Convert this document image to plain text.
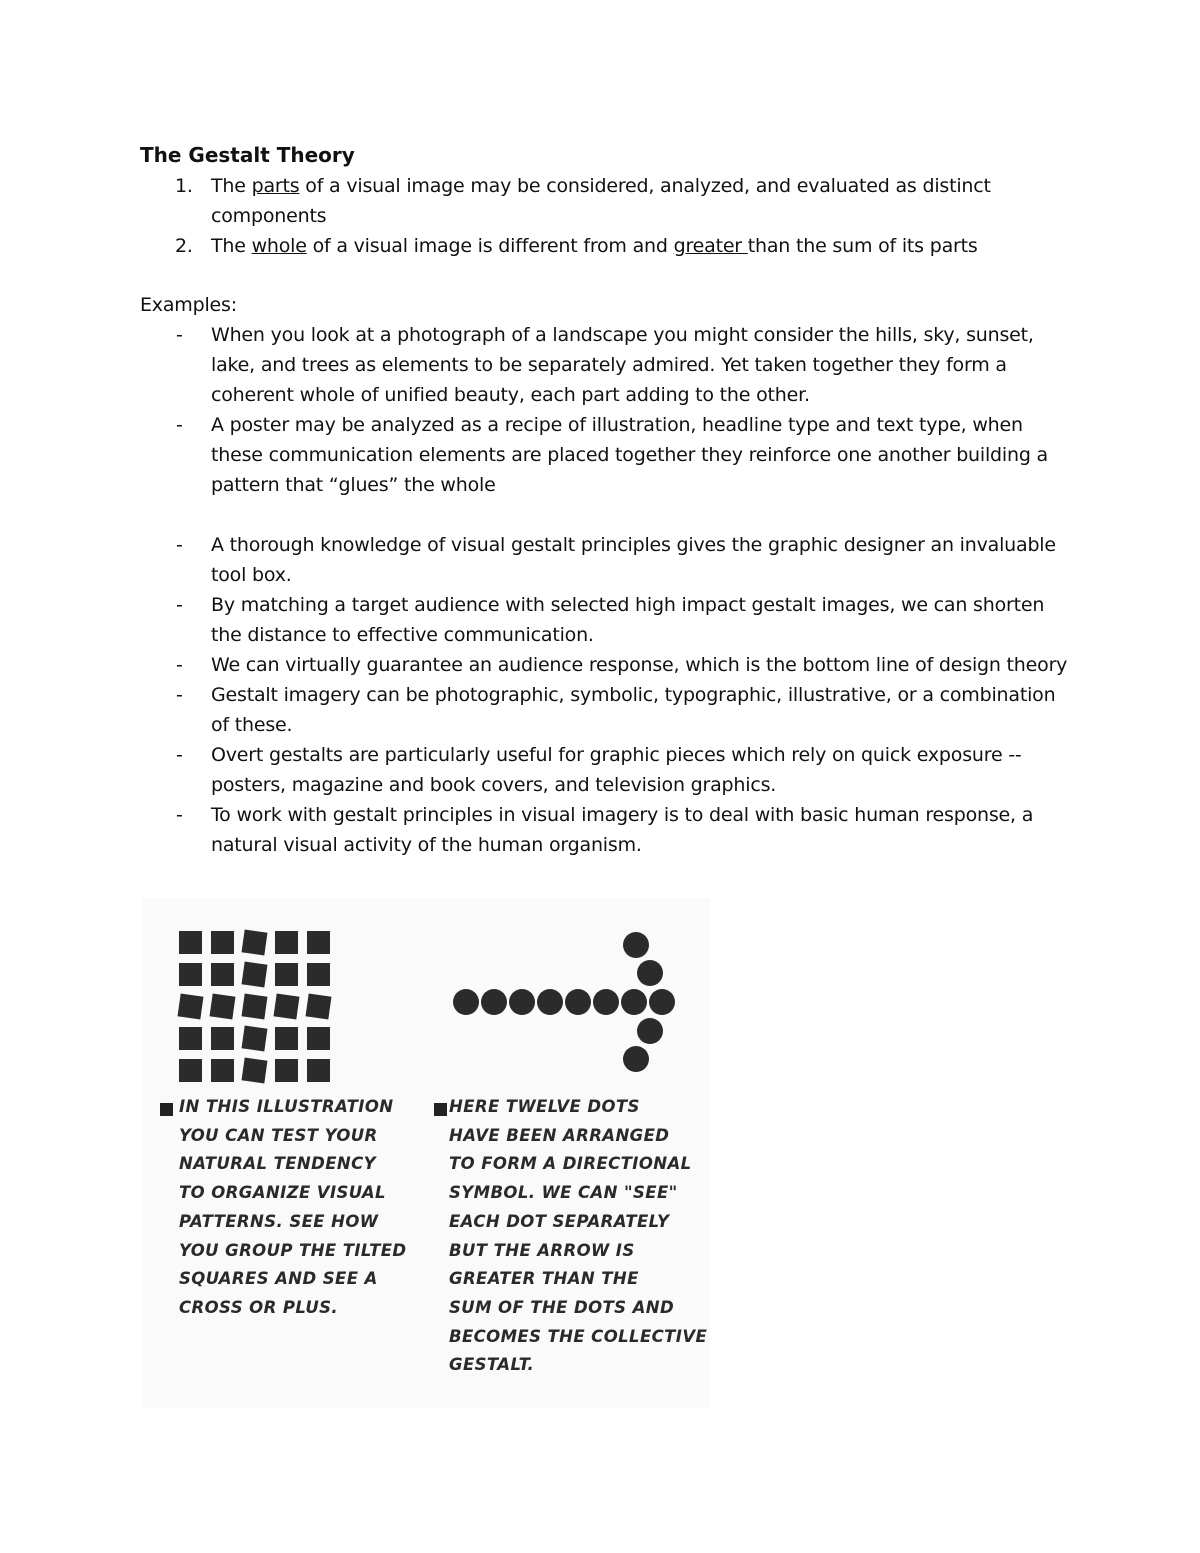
The Gestalt Theory
1. The parts of a visual image may be considered, analyzed, and evaluated as distinct components
2. The whole of a visual image is different from and greater than the sum of its parts
Examples:
- When you look at a photograph of a landscape you might consider the hills, sky, sunset, lake, and trees as elements to be separately admired. Yet taken together they form a coherent whole of unified beauty, each part adding to the other.
- A poster may be analyzed as a recipe of illustration, headline type and text type, when these communication elements are placed together they reinforce one another building a pattern that “glues” the whole
- A thorough knowledge of visual gestalt principles gives the graphic designer an invaluable tool box.
- By matching a target audience with selected high impact gestalt images, we can shorten the distance to effective communication.
- We can virtually guarantee an audience response, which is the bottom line of design theory
- Gestalt imagery can be photographic, symbolic, typographic, illustrative, or a combination of these.
- Overt gestalts are particularly useful for graphic pieces which rely on quick exposure -- posters, magazine and book covers, and television graphics.
- To work with gestalt principles in visual imagery is to deal with basic human response, a natural visual activity of the human organism.

IN THIS ILLUSTRATION
YOU CAN TEST YOUR
NATURAL TENDENCY
TO ORGANIZE VISUAL
PATTERNS. SEE HOW
YOU GROUP THE TILTED
SQUARES AND SEE A
CROSS OR PLUS.

HERE TWELVE DOTS
HAVE BEEN ARRANGED
TO FORM A DIRECTIONAL
SYMBOL. WE CAN "SEE"
EACH DOT SEPARATELY
BUT THE ARROW IS
GREATER THAN THE
SUM OF THE DOTS AND
BECOMES THE COLLECTIVE
GESTALT.
